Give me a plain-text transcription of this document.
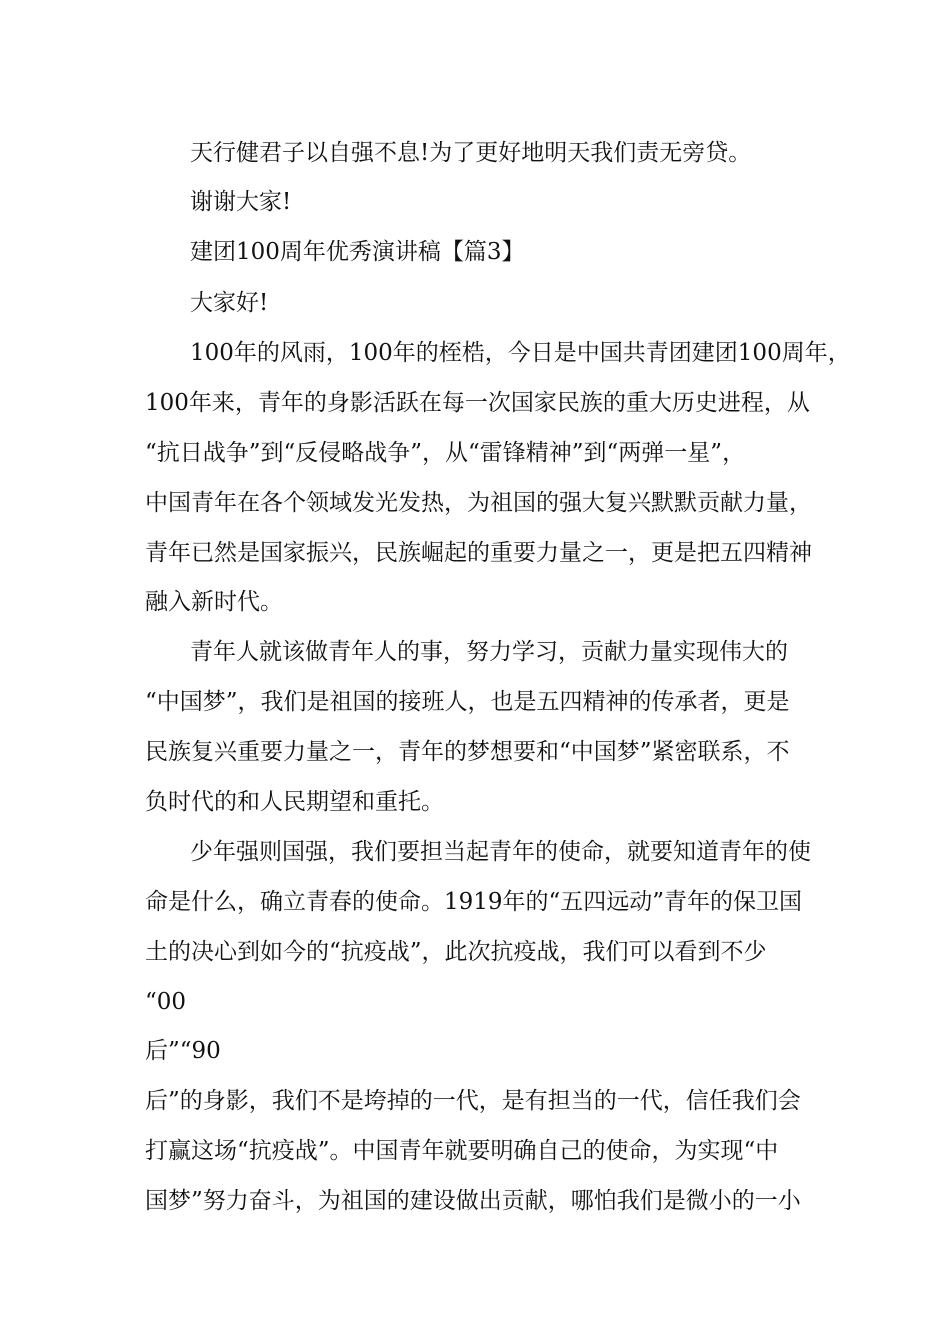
天行健君子以自强不息!为了更好地明天我们责无旁贷。

谢谢大家!

建团100周年优秀演讲稿【篇3】

大家好!

100年的风雨，100年的桎梏，今日是中国共青团建团100周年，

100年来，青年的身影活跃在每一次国家民族的重大历史进程，从

“抗日战争”到“反侵略战争”，从“雷锋精神”到“两弹一星”，

中国青年在各个领域发光发热，为祖国的强大复兴默默贡献力量，

青年已然是国家振兴，民族崛起的重要力量之一，更是把五四精神

融入新时代。

青年人就该做青年人的事，努力学习，贡献力量实现伟大的

“中国梦”，我们是祖国的接班人，也是五四精神的传承者，更是

民族复兴重要力量之一，青年的梦想要和“中国梦”紧密联系，不

负时代的和人民期望和重托。

少年强则国强，我们要担当起青年的使命，就要知道青年的使

命是什么，确立青春的使命。1919年的“五四远动”青年的保卫国

土的决心到如今的“抗疫战”，此次抗疫战，我们可以看到不少

“00

后”“90

后”的身影，我们不是垮掉的一代，是有担当的一代，信任我们会

打赢这场“抗疫战”。中国青年就要明确自己的使命，为实现“中

国梦”努力奋斗，为祖国的建设做出贡献，哪怕我们是微小的一小
